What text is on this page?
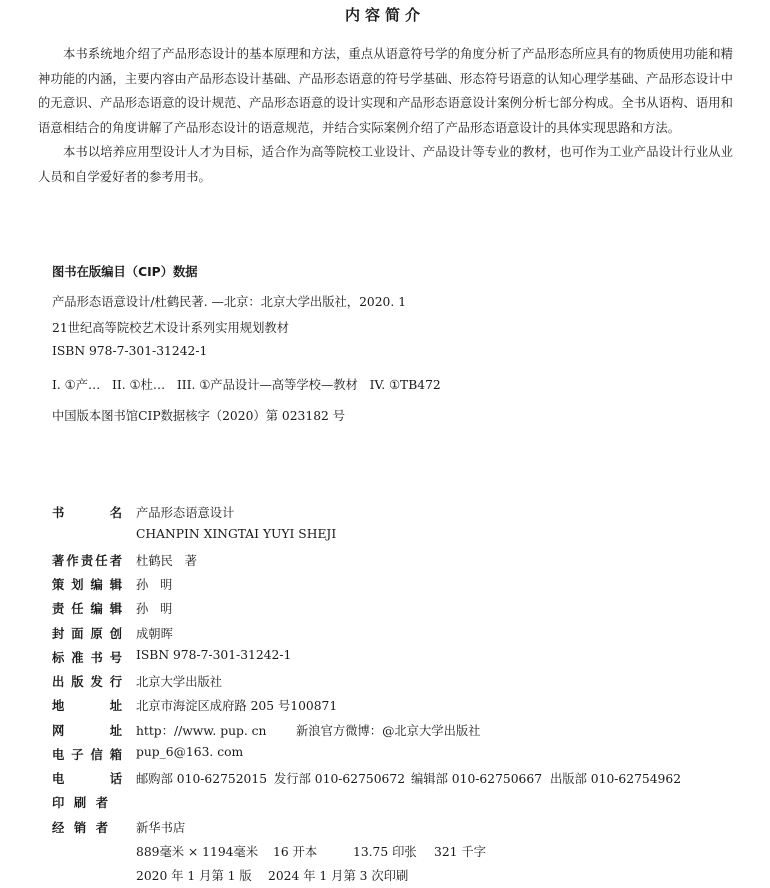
内容简介

本书系统地介绍了产品形态设计的基本原理和方法，重点从语意符号学的角度分析了产品形态所应具有的物质使用功能和精神功能的内涵，主要内容由产品形态设计基础、产品形态语意的符号学基础、形态符号语意的认知心理学基础、产品形态设计中的无意识、产品形态语意的设计规范、产品形态语意的设计实现和产品形态语意设计案例分析七部分构成。全书从语构、语用和语意相结合的角度讲解了产品形态设计的语意规范，并结合实际案例介绍了产品形态语意设计的具体实现思路和方法。

本书以培养应用型设计人才为目标，适合作为高等院校工业设计、产品设计等专业的教材，也可作为工业产品设计行业从业人员和自学爱好者的参考用书。

图书在版编目（CIP）数据
产品形态语意设计/杜鹤民著. —北京：北京大学出版社，2020. 1
21世纪高等院校艺术设计系列实用规划教材
ISBN 978-7-301-31242-1
I. ①产…   II. ①杜…   III. ①产品设计—高等学校—教材   IV. ①TB472
中国版本图书馆CIP数据核字（2020）第 023182 号
书名 产品形态语意设计
CHANPIN XINGTAI YUYI SHEJI
著作责任者 杜鹤民   著
策划编辑 孙   明
责任编辑 孙   明
封面原创 成朝晖
标准书号 ISBN 978-7-301-31242-1
出版发行 北京大学出版社
地址 北京市海淀区成府路 205 号100871
网址 http：//www. pup. cn 新浪官方微博：@北京大学出版社
电子信箱 pup_6@163. com
电话 邮购部 010-62752015 发行部 010-62750672 编辑部 010-62750667 出版部 010-62754962
印刷者
经销者 新华书店
889毫米 × 1194毫米 16 开本	13.75 印张 321 千字
2020 年 1 月第 1 版 2024 年 1 月第 3 次印刷
